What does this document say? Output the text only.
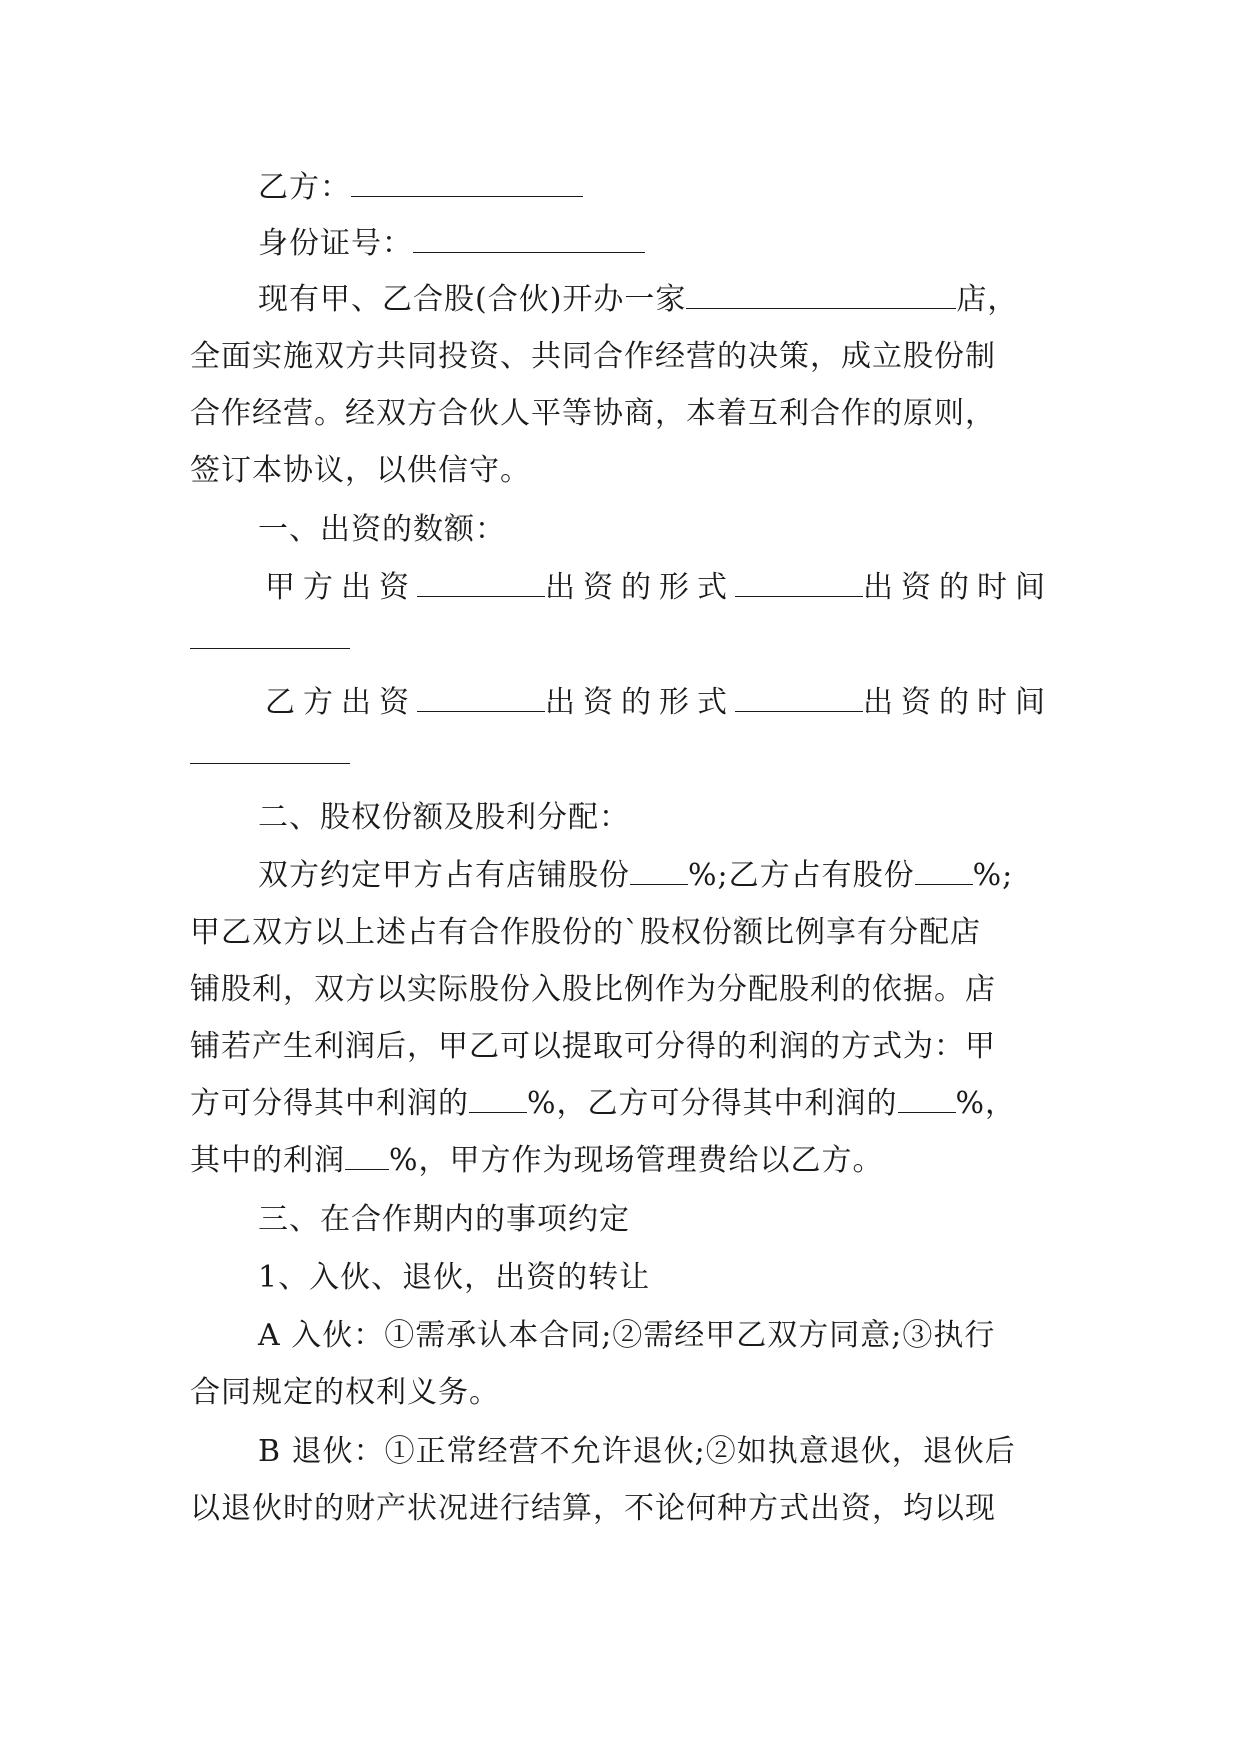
乙方：
身份证号：
现有甲、乙合股(合伙)开办一家	店，
全面实施双方共同投资、共同合作经营的决策，成立股份制
合作经营。经双方合伙人平等协商，本着互利合作的原则，
签订本协议，以供信守。
一、出资的数额：
甲方出资	出资的形式	出资的时间
乙方出资	出资的形式	出资的时间
二、股权份额及股利分配：
双方约定甲方占有店铺股份 %;乙方占有股份 %;
甲乙双方以上述占有合作股份的`股权份额比例享有分配店
铺股利，双方以实际股份入股比例作为分配股利的依据。店
铺若产生利润后，甲乙可以提取可分得的利润的方式为：甲
方可分得其中利润的 %，乙方可分得其中利润的 %，
其中的利润 %，甲方作为现场管理费给以乙方。
三、在合作期内的事项约定
1、入伙、退伙，出资的转让
A 入伙：①需承认本合同;②需经甲乙双方同意;③执行
合同规定的权利义务。
B 退伙：①正常经营不允许退伙;②如执意退伙，退伙后
以退伙时的财产状况进行结算，不论何种方式出资，均以现
